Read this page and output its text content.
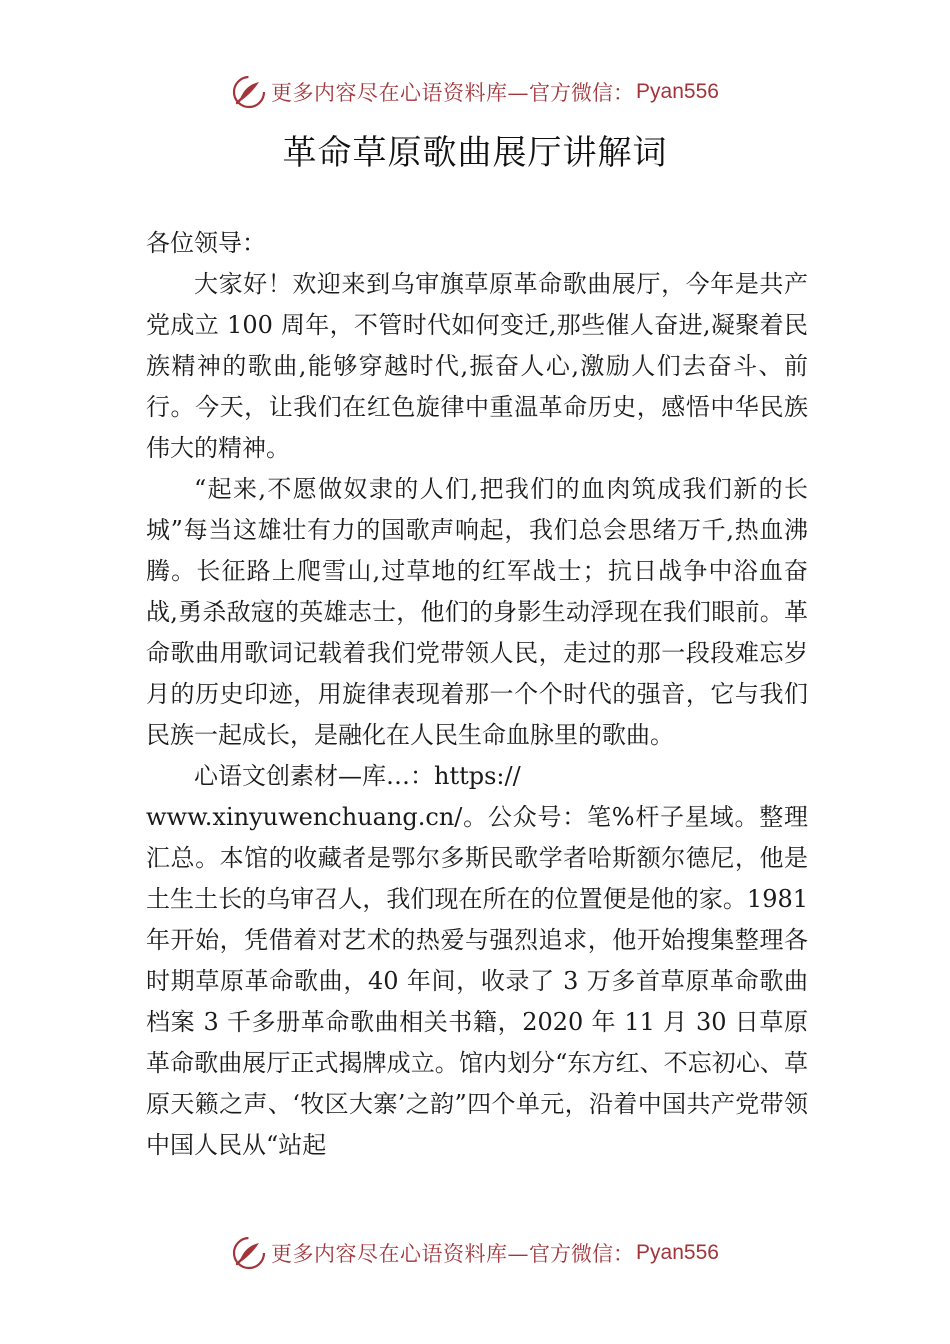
更多内容尽在心语资料库— 官方微信： Pyan556
革命草原歌曲展厅讲解词

各位领导：

大家好！欢迎来到乌审旗草原革命歌曲展厅，今年是共产党成立 100 周年，不管时代如何变迁,那些催人奋进,凝聚着民族精神的歌曲,能够穿越时代,振奋人心,激励人们去奋斗、前行。今天，让我们在红色旋律中重温革命历史，感悟中华民族伟大的精神。

“起来,不愿做奴隶的人们,把我们的血肉筑成我们新的长城”每当这雄壮有力的国歌声响起，我们总会思绪万千,热血沸腾。长征路上爬雪山,过草地的红军战士；抗日战争中浴血奋战,勇杀敌寇的英雄志士，他们的身影生动浮现在我们眼前。革命歌曲用歌词记载着我们党带领人民，走过的那一段段难忘岁月的历史印迹，用旋律表现着那一个个时代的强音，它与我们民族一起成长，是融化在人民生命血脉里的歌曲。

心语文创素材—库…：https://

www.xinyuwenchuang.cn/。公众号：笔%杆子星域。整理汇总。本馆的收藏者是鄂尔多斯民歌学者哈斯额尔德尼，他是土生土长的乌审召人，我们现在所在的位置便是他的家。1981 年开始，凭借着对艺术的热爱与强烈追求，他开始搜集整理各时期草原革命歌曲，40 年间，收录了 3 万多首草原革命歌曲档案 3 千多册革命歌曲相关书籍，2020 年 11 月 30 日草原革命歌曲展厅正式揭牌成立。馆内划分“东方红、不忘初心、草原天籁之声、‘牧区大寨’之韵”四个单元，沿着中国共产党带领中国人民从“站起

更多内容尽在心语资料库— 官方微信： Pyan556
